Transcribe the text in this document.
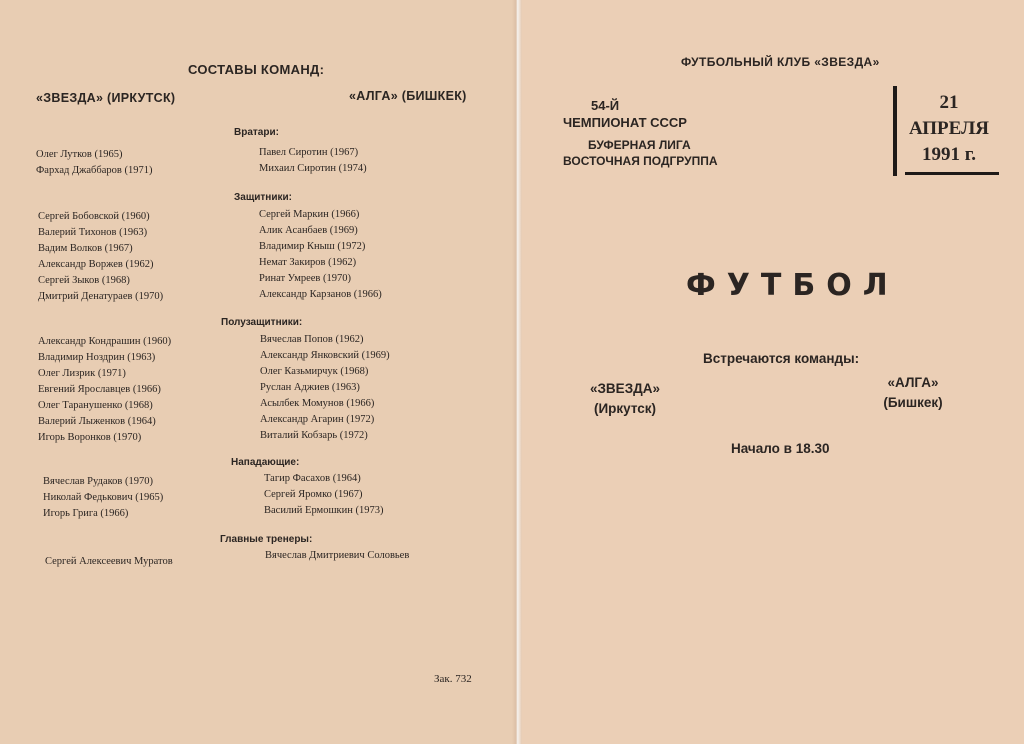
СОСТАВЫ КОМАНД:
«ЗВЕЗДА» (ИРКУТСК)	«АЛГА» (БИШКЕК)
Вратари:
Защитники:
Полузащитники:
Нападающие:
Главные тренеры:
Олег Лутков (1965)
Фархад Джаббаров (1971)
Павел Сиротин (1967)
Михаил Сиротин (1974)
Сергей Бобовской (1960)
Валерий Тихонов (1963)
Вадим Волков (1967)
Александр Воржев (1962)
Сергей Зыков (1968)
Дмитрий Денатураев (1970)
Сергей Маркин (1966)
Алик Асанбаев (1969)
Владимир Кныш (1972)
Немат Закиров (1962)
Ринат Умреев (1970)
Александр Карзанов (1966)
Александр Кондрашин (1960)
Владимир Ноздрин (1963)
Олег Лизрик (1971)
Евгений Ярославцев (1966)
Олег Таранушенко (1968)
Валерий Лыженков (1964)
Игорь Воронков (1970)
Вячеслав Попов (1962)
Александр Янковский (1969)
Олег Казьмирчук (1968)
Руслан Аджиев (1963)
Асылбек Момунов (1966)
Александр Агарин (1972)
Виталий Кобзарь (1972)
Вячеслав Рудаков (1970)
Николай Федькович (1965)
Игорь Грига (1966)
Тагир Фасахов (1964)
Сергей Яромко (1967)
Василий Ермошкин (1973)
Сергей Алексеевич Муратов
Вячеслав Дмитриевич Соловьев
Зак. 732
ФУТБОЛЬНЫЙ КЛУБ «ЗВЕЗДА»
54-Й
ЧЕМПИОНАТ СССР
БУФЕРНАЯ ЛИГА
ВОСТОЧНАЯ ПОДГРУППА
21
АПРЕЛЯ
1991 г.
ФУТБОЛ
Встречаются команды:
«ЗВЕЗДА»
(Иркутск)
«АЛГА»
(Бишкек)
Начало в 18.30
